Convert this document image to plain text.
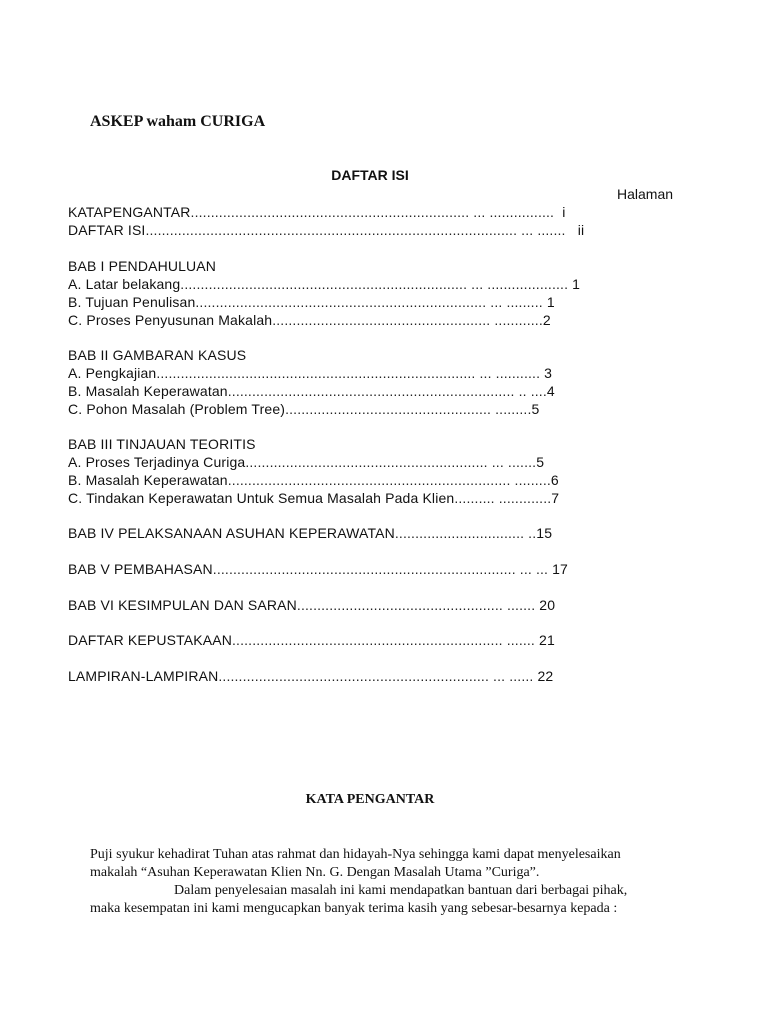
ASKEP waham CURIGA
DAFTAR ISI
Halaman
KATAPENGANTAR..................................................................... ... ................  i
DAFTAR ISI............................................................................................ ... .......   ii
BAB I PENDAHULUAN
A. Latar belakang....................................................................... ... .................... 1
B. Tujuan Penulisan........................................................................ ... ......... 1
C. Proses Penyusunan Makalah...................................................... ............2
BAB II GAMBARAN KASUS
A. Pengkajian............................................................................... ... ........... 3
B. Masalah Keperawatan....................................................................... .. ....4
C. Pohon Masalah (Problem Tree)................................................... .........5
BAB III TINJAUAN TEORITIS
A. Proses Terjadinya Curiga............................................................ ... .......5
B. Masalah Keperawatan...................................................................... .........6
C. Tindakan Keperawatan Untuk Semua Masalah Pada Klien.......... .............7
BAB IV PELAKSANAAN ASUHAN KEPERAWATAN................................ ..15
BAB V PEMBAHASAN........................................................................... ... ... 17
BAB VI KESIMPULAN DAN SARAN................................................... ....... 20
DAFTAR KEPUSTAKAAN................................................................... ....... 21
LAMPIRAN-LAMPIRAN................................................................... ... ...... 22
KATA PENGANTAR
Puji syukur kehadirat Tuhan atas rahmat dan hidayah-Nya sehingga kami dapat menyelesaikan
makalah “Asuhan Keperawatan Klien Nn. G. Dengan Masalah Utama ”Curiga”.
Dalam penyelesaian masalah ini kami mendapatkan bantuan dari berbagai pihak,
maka kesempatan ini kami mengucapkan banyak terima kasih yang sebesar-besarnya kepada :
